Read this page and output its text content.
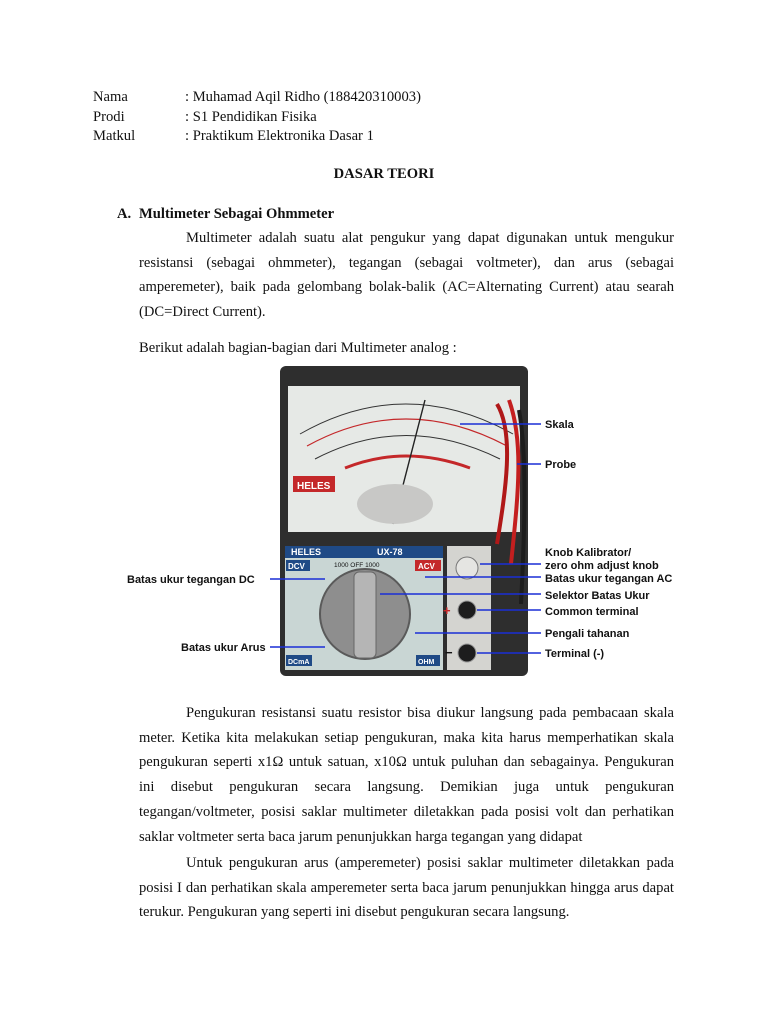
Nama	: Muhamad Aqil Ridho (188420310003)
Prodi	: S1 Pendidikan Fisika
Matkul	: Praktikum Elektronika Dasar 1
DASAR TEORI
A. Multimeter Sebagai Ohmmeter

Multimeter adalah suatu alat pengukur yang dapat digunakan untuk mengukur resistansi (sebagai ohmmeter), tegangan (sebagai voltmeter), dan arus (sebagai amperemeter), baik pada gelombang bolak-balik (AC=Alternating Current) atau searah (DC=Direct Current).

Berikut adalah bagian-bagian dari Multimeter analog :
HELES
HELES	UX-78
DCV	ACV
1000 OFF 1000
DCmA	OHM
+
−
Skala
Probe
Knob Kalibrator/
zero ohm adjust knob
Batas ukur tegangan AC
Selektor Batas Ukur
Common terminal
Pengali tahanan
Terminal (-)
Batas ukur tegangan DC
Batas ukur Arus

Pengukuran resistansi suatu resistor bisa diukur langsung pada pembacaan skala meter. Ketika kita melakukan setiap pengukuran, maka kita harus memperhatikan skala pengukuran seperti x1Ω untuk satuan, x10Ω untuk puluhan dan sebagainya. Pengukuran ini disebut pengukuran secara langsung. Demikian juga untuk pengukuran tegangan/voltmeter, posisi saklar multimeter diletakkan pada posisi volt dan perhatikan saklar voltmeter serta baca jarum penunjukkan harga tegangan yang didapat

Untuk pengukuran arus (amperemeter) posisi saklar multimeter diletakkan pada posisi I dan perhatikan skala amperemeter serta baca jarum penunjukkan hingga arus dapat terukur. Pengukuran yang seperti ini disebut pengukuran secara langsung.
